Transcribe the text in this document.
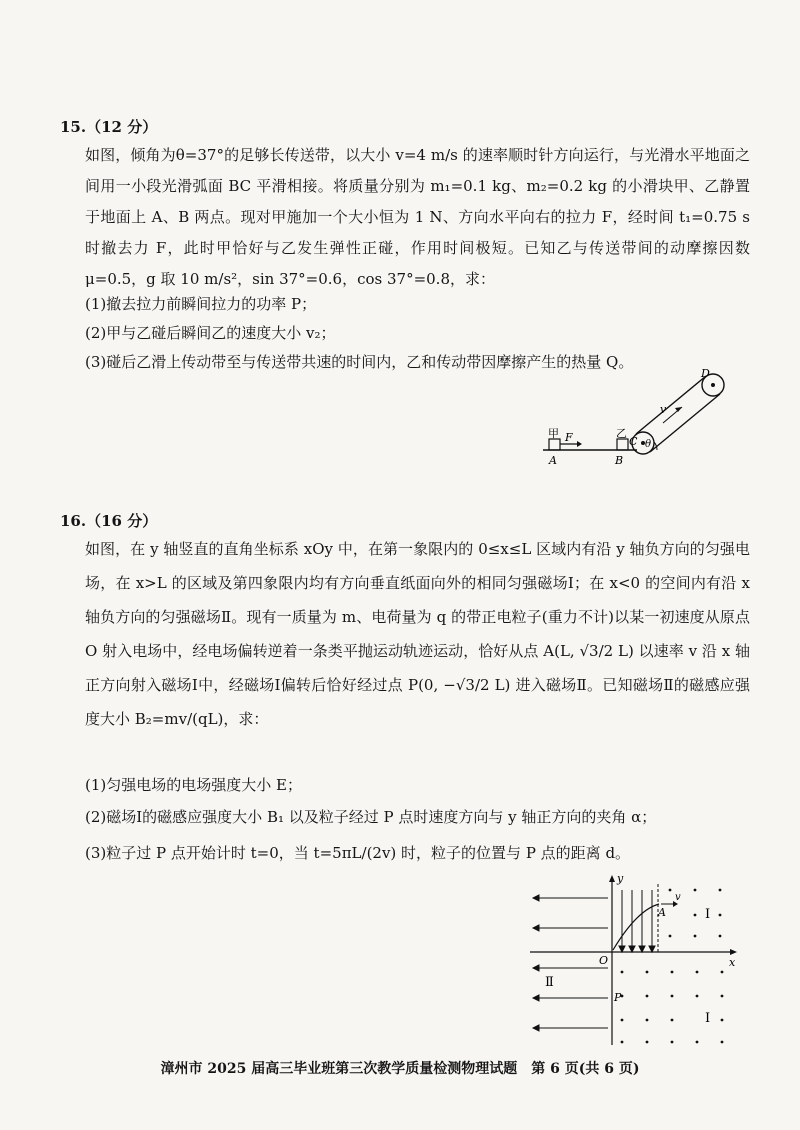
15.（12 分）
如图，倾角为θ=37°的足够长传送带，以大小 v=4 m/s 的速率顺时针方向运行，与光滑水平地面之间用一小段光滑弧面 BC 平滑相接。将质量分别为 m₁=0.1 kg、m₂=0.2 kg 的小滑块甲、乙静置于地面上 A、B 两点。现对甲施加一个大小恒为 1 N、方向水平向右的拉力 F，经时间 t₁=0.75 s 时撤去力 F，此时甲恰好与乙发生弹性正碰，作用时间极短。已知乙与传送带间的动摩擦因数 μ=0.5，g 取 10 m/s²，sin 37°=0.6，cos 37°=0.8，求：
(1)撤去拉力前瞬间拉力的功率 P；
(2)甲与乙碰后瞬间乙的速度大小 v₂；
(3)碰后乙滑上传动带至与传送带共速的时间内，乙和传动带因摩擦产生的热量 Q。
甲 F
A
乙
B
C
D
v
θ
16.（16 分）
如图，在 y 轴竖直的直角坐标系 xOy 中，在第一象限内的 0≤x≤L 区域内有沿 y 轴负方向的匀强电场，在 x>L 的区域及第四象限内均有方向垂直纸面向外的相同匀强磁场Ⅰ；在 x<0 的空间内有沿 x 轴负方向的匀强磁场Ⅱ。现有一质量为 m、电荷量为 q 的带正电粒子(重力不计)以某一初速度从原点 O 射入电场中，经电场偏转逆着一条类平抛运动轨迹运动，恰好从点 A(L, √3/2 L) 以速率 v 沿 x 轴正方向射入磁场Ⅰ中，经磁场Ⅰ偏转后恰好经过点 P(0, −√3/2 L) 进入磁场Ⅱ。已知磁场Ⅱ的磁感应强度大小 B₂=mv/(qL)，求：
(1)匀强电场的电场强度大小 E；
(2)磁场Ⅰ的磁感应强度大小 B₁ 以及粒子经过 P 点时速度方向与 y 轴正方向的夹角 α；
(3)粒子过 P 点开始计时 t=0，当 t=5πL/(2v) 时，粒子的位置与 P 点的距离 d。
y
x
O
A
v
P
Ⅰ
Ⅰ
Ⅱ
漳州市 2025 届高三毕业班第三次教学质量检测物理试题　第 6 页(共 6 页)
